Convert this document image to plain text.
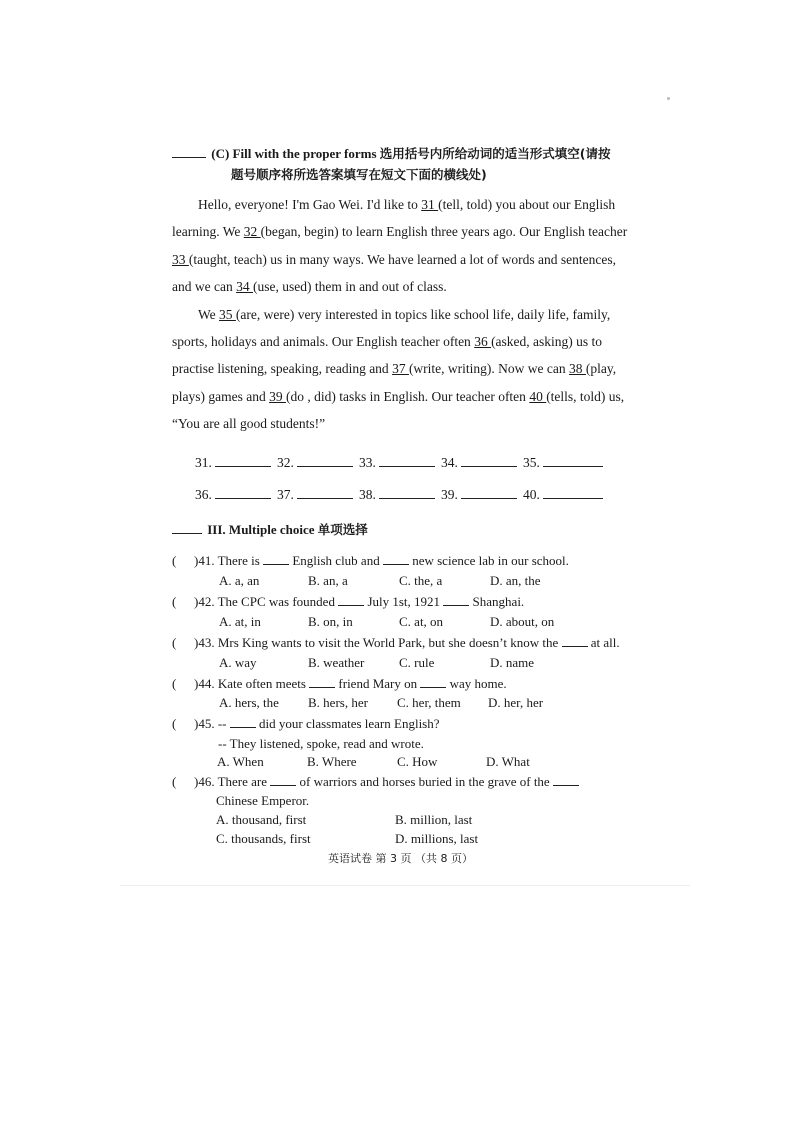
(C) Fill with the proper forms 选用括号内所给动词的适当形式填空(请按
题号顺序将所选答案填写在短文下面的横线处)

Hello, everyone! I'm Gao Wei. I'd like to 31 (tell, told) you about our English

learning. We 32 (began, begin) to learn English three years ago. Our English teacher

33 (taught, teach) us in many ways. We have learned a lot of words and sentences,

and we can 34 (use, used) them in and out of class.

We 35 (are, were) very interested in topics like school life, daily life, family,

sports, holidays and animals. Our English teacher often 36 (asked, asking) us to

practise listening, speaking, reading and 37 (write, writing). Now we can 38 (play,

plays) games and 39 (do , did) tasks in English. Our teacher often 40 (tells, told) us,

“You are all good students!”

31.	32.	33.	34.	35.
36.	37.	38.	39.	40.
III. Multiple choice 单项选择
( )41. There is  English club and  new science lab in our school.
A. a, an	B. an, a	C. the, a	D. an, the
( )42. The CPC was founded  July 1st, 1921  Shanghai.
A. at, in	B. on, in	C. at, on	D. about, on
( )43. Mrs King wants to visit the World Park, but she doesn’t know the  at all.
A. way	B. weather	C. rule	D. name
( )44. Kate often meets  friend Mary on  way home.
A. hers, the B. hers, her C. her, them D. her, her
( )45. --  did your classmates learn English?
-- They listened, spoke, read and wrote.
A. When	B. Where	C. How	D. What
( )46. There are  of warriors and horses buried in the grave of the
Chinese Emperor.
A. thousand, first	B. million, last
C. thousands, first	D. millions, last
英语试卷 第 3 页 （共 8 页）
